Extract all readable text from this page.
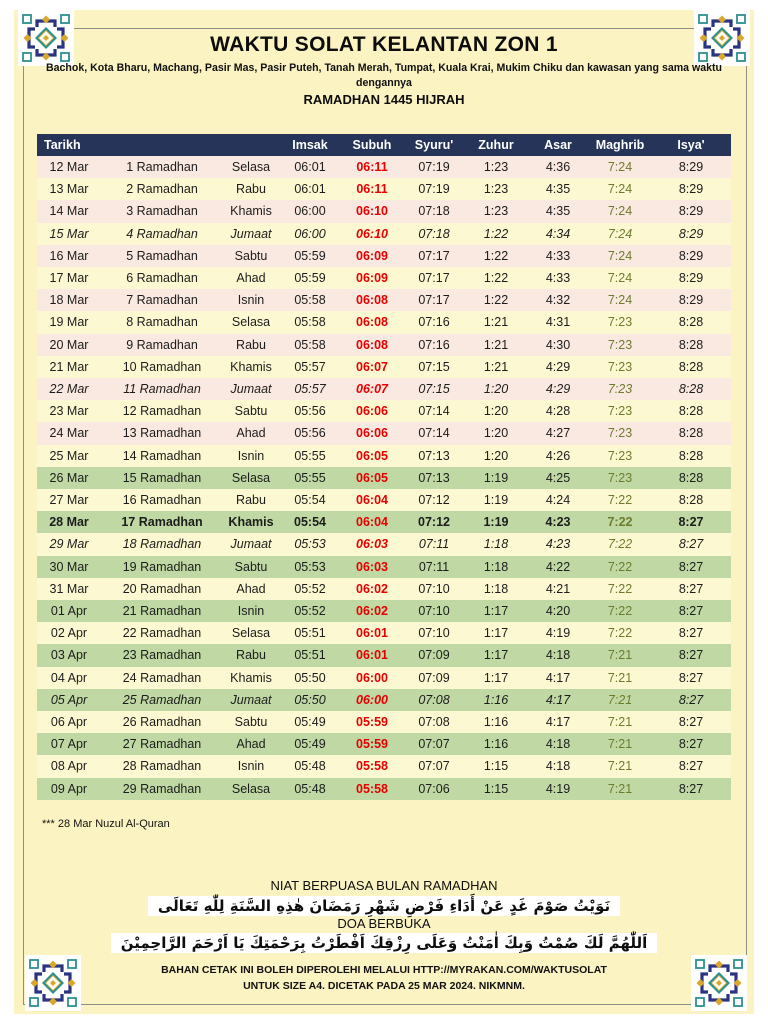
WAKTU SOLAT KELANTAN ZON 1
Bachok, Kota Bharu, Machang, Pasir Mas, Pasir Puteh, Tanah Merah, Tumpat, Kuala Krai, Mukim Chiku dan kawasan yang sama waktu dengannya
RAMADHAN 1445 HIJRAH
Tarikh			Imsak	Subuh	Syuru'	Zuhur	Asar	Maghrib	Isya'
12 Mar	1 Ramadhan	Selasa	06:01	06:11	07:19	1:23	4:36	7:24	8:29
13 Mar	2 Ramadhan	Rabu	06:01	06:11	07:19	1:23	4:35	7:24	8:29
14 Mar	3 Ramadhan	Khamis	06:00	06:10	07:18	1:23	4:35	7:24	8:29
15 Mar	4 Ramadhan	Jumaat	06:00	06:10	07:18	1:22	4:34	7:24	8:29
16 Mar	5 Ramadhan	Sabtu	05:59	06:09	07:17	1:22	4:33	7:24	8:29
17 Mar	6 Ramadhan	Ahad	05:59	06:09	07:17	1:22	4:33	7:24	8:29
18 Mar	7 Ramadhan	Isnin	05:58	06:08	07:17	1:22	4:32	7:24	8:29
19 Mar	8 Ramadhan	Selasa	05:58	06:08	07:16	1:21	4:31	7:23	8:28
20 Mar	9 Ramadhan	Rabu	05:58	06:08	07:16	1:21	4:30	7:23	8:28
21 Mar	10 Ramadhan	Khamis	05:57	06:07	07:15	1:21	4:29	7:23	8:28
22 Mar	11 Ramadhan	Jumaat	05:57	06:07	07:15	1:20	4:29	7:23	8:28
23 Mar	12 Ramadhan	Sabtu	05:56	06:06	07:14	1:20	4:28	7:23	8:28
24 Mar	13 Ramadhan	Ahad	05:56	06:06	07:14	1:20	4:27	7:23	8:28
25 Mar	14 Ramadhan	Isnin	05:55	06:05	07:13	1:20	4:26	7:23	8:28
26 Mar	15 Ramadhan	Selasa	05:55	06:05	07:13	1:19	4:25	7:23	8:28
27 Mar	16 Ramadhan	Rabu	05:54	06:04	07:12	1:19	4:24	7:22	8:28
28 Mar	17 Ramadhan	Khamis	05:54	06:04	07:12	1:19	4:23	7:22	8:27
29 Mar	18 Ramadhan	Jumaat	05:53	06:03	07:11	1:18	4:23	7:22	8:27
30 Mar	19 Ramadhan	Sabtu	05:53	06:03	07:11	1:18	4:22	7:22	8:27
31 Mar	20 Ramadhan	Ahad	05:52	06:02	07:10	1:18	4:21	7:22	8:27
01 Apr	21 Ramadhan	Isnin	05:52	06:02	07:10	1:17	4:20	7:22	8:27
02 Apr	22 Ramadhan	Selasa	05:51	06:01	07:10	1:17	4:19	7:22	8:27
03 Apr	23 Ramadhan	Rabu	05:51	06:01	07:09	1:17	4:18	7:21	8:27
04 Apr	24 Ramadhan	Khamis	05:50	06:00	07:09	1:17	4:17	7:21	8:27
05 Apr	25 Ramadhan	Jumaat	05:50	06:00	07:08	1:16	4:17	7:21	8:27
06 Apr	26 Ramadhan	Sabtu	05:49	05:59	07:08	1:16	4:17	7:21	8:27
07 Apr	27 Ramadhan	Ahad	05:49	05:59	07:07	1:16	4:18	7:21	8:27
08 Apr	28 Ramadhan	Isnin	05:48	05:58	07:07	1:15	4:18	7:21	8:27
09 Apr	29 Ramadhan	Selasa	05:48	05:58	07:06	1:15	4:19	7:21	8:27
*** 28 Mar Nuzul Al-Quran
NIAT BERPUASA BULAN RAMADHAN
نَوَيْتُ صَوْمَ غَدٍ عَنْ أَدَاءِ فَرْضِ شَهْرِ رَمَضَانَ هٰذِهِ السَّنَةِ لِلّٰهِ تَعَالَى
DOA BERBUKA
اَللّٰهُمَّ لَكَ صُمْتُ وَبِكَ اٰمَنْتُ وَعَلَى رِزْقِكَ اَفْطَرْتُ بِرَحْمَتِكَ يَا اَرْحَمَ الرَّاحِمِيْنَ
BAHAN CETAK INI BOLEH DIPEROLEHI MELALUI HTTP://MYRAKAN.COM/WAKTUSOLAT
UNTUK SIZE A4. DICETAK PADA 25 MAR 2024. NIKMNM.
